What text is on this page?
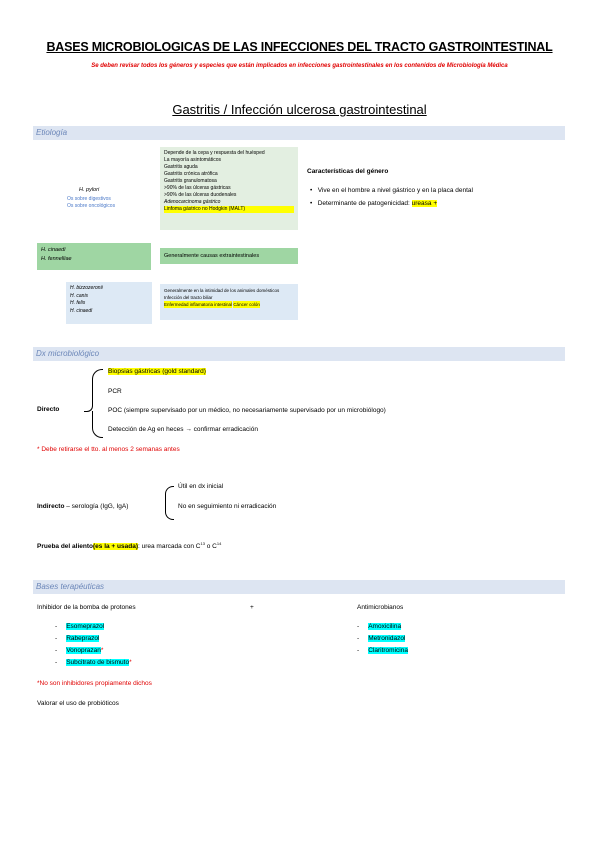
BASES MICROBIOLOGICAS DE LAS INFECCIONES DEL TRACTO GASTROINTESTINAL
Se deben revisar todos los géneros y especies que están implicados en infecciones gastrointestinales en los contenidos de Microbiología Médica
Gastritis / Infección ulcerosa gastrointestinal
Etiología
H. pylori
Os sobre digestivos
Os sobre oncológicos
Depende de la cepa y respuesta del huésped
La mayoría asintomáticos
Gastritis aguda
Gastritis crónica atrófica
Gastritis granulomatosa
>90% de las úlceras gástricas
>90% de las úlceras duodenales
Adenocarcinoma gástrico
Linfoma gástrico no Hodgkin (MALT)
Características del género
•   Vive en el hombre a nivel gástrico y en la placa dental
•   Determinante de patogenicidad: ureasa +
H. cinaedi
H. fennelliae	Generalmente causas extraintestinales
H. bizzozeronii
H. canis
H. felis
H. cinaedi
Generalmente en la intimidad de los animales domésticos
Infección del tracto biliar
Enfermedad inflamatoria intestinal Cáncer colón
Dx microbiológico
Directo
Biopsias gástricas (gold standard)
PCR
POC (siempre supervisado por un médico, no necesariamente supervisado por un microbiólogo)
Detección de Ag en heces → confirmar erradicación
* Debe retirarse el tto. al menos 2 semanas antes
Indirecto – serología (IgG, IgA)
Útil en dx inicial
No en seguimiento ni erradicación
Prueba del aliento(es la + usada): urea marcada con $C^{13}$ o $C^{14}$
Bases terapéuticas
Inhibidor de la bomba de protones	+	Antimicrobianos
- Esomeprazol
- Rabeprazol
- Vonoprazan*
- Subcitrato de bismuto*
- Amoxicilina
- Metronidazol
- Claritromicina
*No son inhibidores propiamente dichos
Valorar el uso de probióticos
